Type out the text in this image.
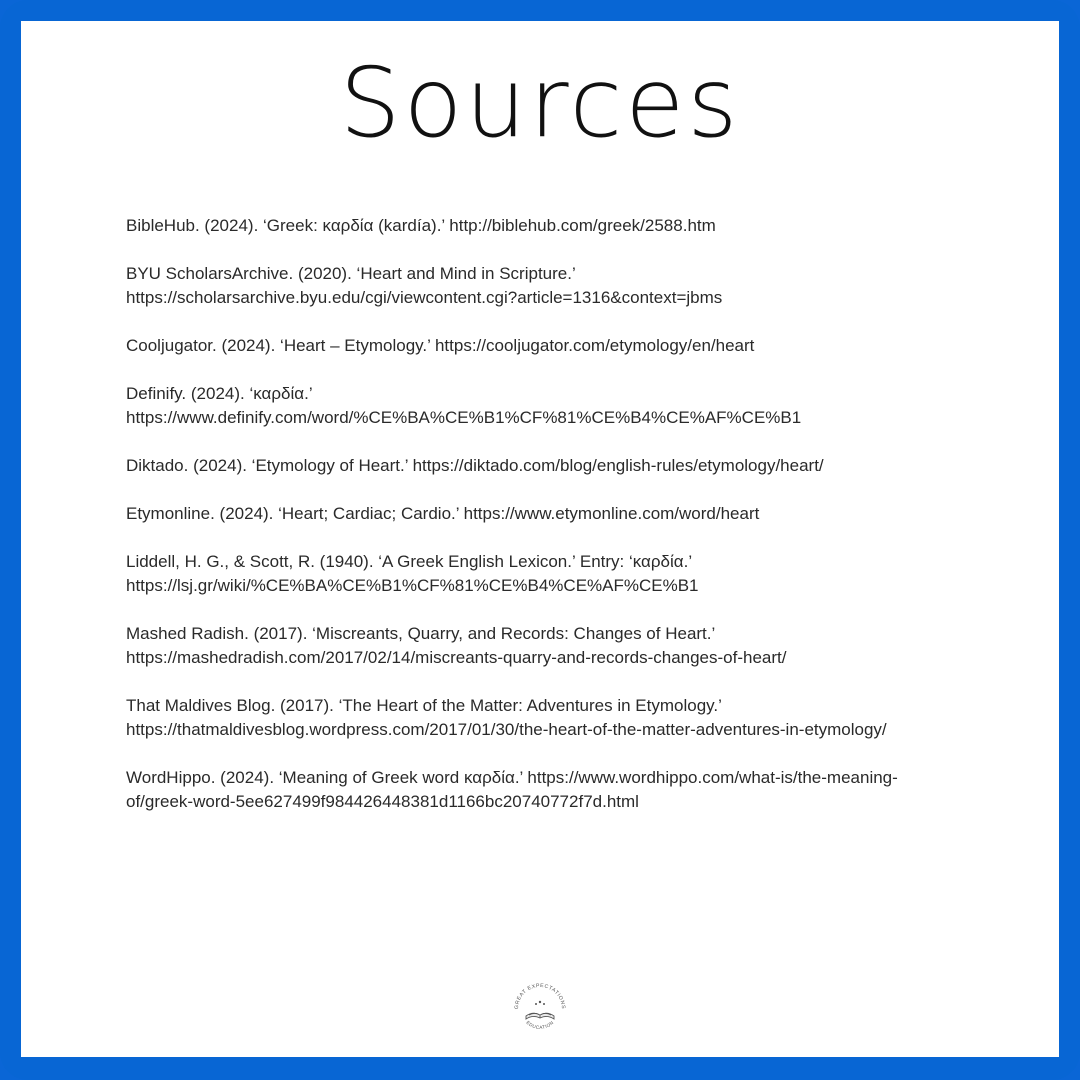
Sources
BibleHub. (2024). ‘Greek: καρδία (kardía).’ http://biblehub.com/greek/2588.htm
BYU ScholarsArchive. (2020). ‘Heart and Mind in Scripture.’
https://scholarsarchive.byu.edu/cgi/viewcontent.cgi?article=1316&context=jbms
Cooljugator. (2024). ‘Heart – Etymology.’ https://cooljugator.com/etymology/en/heart
Definify. (2024). ‘καρδία.’
https://www.definify.com/word/%CE%BA%CE%B1%CF%81%CE%B4%CE%AF%CE%B1
Diktado. (2024). ‘Etymology of Heart.’ https://diktado.com/blog/english-rules/etymology/heart/
Etymonline. (2024). ‘Heart; Cardiac; Cardio.’ https://www.etymonline.com/word/heart
Liddell, H. G., & Scott, R. (1940). ‘A Greek English Lexicon.’ Entry: ‘καρδία.’
https://lsj.gr/wiki/%CE%BA%CE%B1%CF%81%CE%B4%CE%AF%CE%B1
Mashed Radish. (2017). ‘Miscreants, Quarry, and Records: Changes of Heart.’
https://mashedradish.com/2017/02/14/miscreants-quarry-and-records-changes-of-heart/
That Maldives Blog. (2017). ‘The Heart of the Matter: Adventures in Etymology.’
https://thatmaldivesblog.wordpress.com/2017/01/30/the-heart-of-the-matter-adventures-in-etymology/
WordHippo. (2024). ‘Meaning of Greek word καρδία.’ https://www.wordhippo.com/what-is/the-meaning-of/greek-word-5ee627499f984426448381d1166bc20740772f7d.html
GREAT EXPECTATIONS
EDUCATION
